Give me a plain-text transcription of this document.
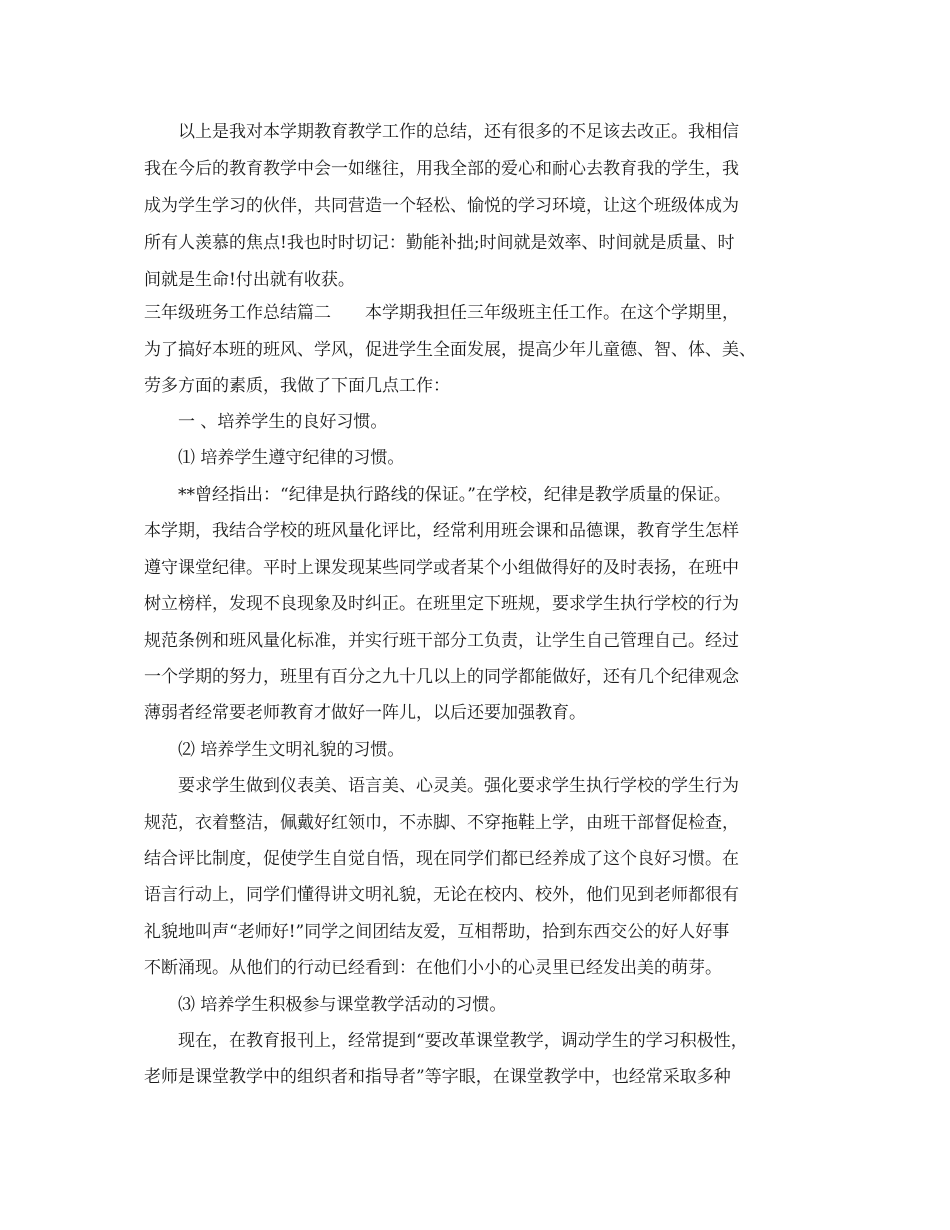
以上是我对本学期教育教学工作的总结，还有很多的不足该去改正。我相信
我在今后的教育教学中会一如继往，用我全部的爱心和耐心去教育我的学生，我
成为学生学习的伙伴，共同营造一个轻松、愉悦的学习环境，让这个班级体成为
所有人羡慕的焦点!我也时时切记：勤能补拙;时间就是效率、时间就是质量、时
间就是生命!付出就有收获。
三年级班务工作总结篇二　　本学期我担任三年级班主任工作。在这个学期里，
为了搞好本班的班风、学风，促进学生全面发展，提高少年儿童德、智、体、美、
劳多方面的素质，我做了下面几点工作：
一 、培养学生的良好习惯。
⑴ 培养学生遵守纪律的习惯。
**曾经指出：“纪律是执行路线的保证。”在学校，纪律是教学质量的保证。
本学期，我结合学校的班风量化评比，经常利用班会课和品德课，教育学生怎样
遵守课堂纪律。平时上课发现某些同学或者某个小组做得好的及时表扬，在班中
树立榜样，发现不良现象及时纠正。在班里定下班规，要求学生执行学校的行为
规范条例和班风量化标准，并实行班干部分工负责，让学生自己管理自己。经过
一个学期的努力，班里有百分之九十几以上的同学都能做好，还有几个纪律观念
薄弱者经常要老师教育才做好一阵儿，以后还要加强教育。
⑵ 培养学生文明礼貌的习惯。
要求学生做到仪表美、语言美、心灵美。强化要求学生执行学校的学生行为
规范，衣着整洁，佩戴好红领巾，不赤脚、不穿拖鞋上学，由班干部督促检查，
结合评比制度，促使学生自觉自悟，现在同学们都已经养成了这个良好习惯。在
语言行动上，同学们懂得讲文明礼貌，无论在校内、校外，他们见到老师都很有
礼貌地叫声“老师好!”同学之间团结友爱，互相帮助，拾到东西交公的好人好事
不断涌现。从他们的行动已经看到：在他们小小的心灵里已经发出美的萌芽。
⑶ 培养学生积极参与课堂教学活动的习惯。
现在，在教育报刊上，经常提到“要改革课堂教学，调动学生的学习积极性，
老师是课堂教学中的组织者和指导者”等字眼，在课堂教学中，也经常采取多种
